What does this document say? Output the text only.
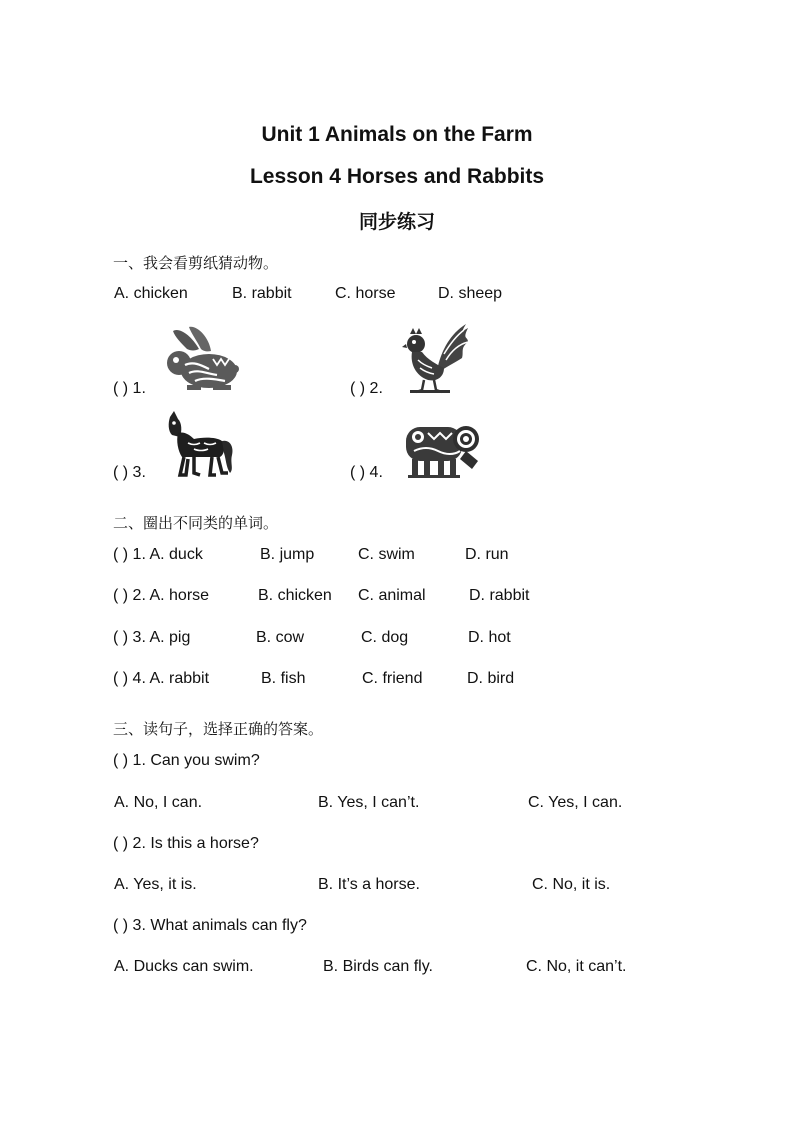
Unit 1 Animals on the Farm
Lesson 4 Horses and Rabbits
同步练习
一、我会看剪纸猜动物。
A. chicken	B. rabbit	C. horse	D. sheep
( ) 1.	( ) 2.
( ) 3.	( ) 4.
二、圈出不同类的单词。
( ) 1. A. duck	B. jump	C. swim	D. run
( ) 2. A. horse	B. chicken C. animal	D. rabbit
( ) 3. A. pig	B. cow	C. dog	D. hot
( ) 4. A. rabbit	B. fish	C. friend	D. bird
三、读句子，选择正确的答案。
( ) 1. Can you swim?
A. No, I can.	B. Yes, I can’t.	C. Yes, I can.
( ) 2. Is this a horse?
A. Yes, it is.	B. It’s a horse.	C. No, it is.
( ) 3. What animals can fly?
A. Ducks can swim.	B. Birds can fly.	C. No, it can’t.
